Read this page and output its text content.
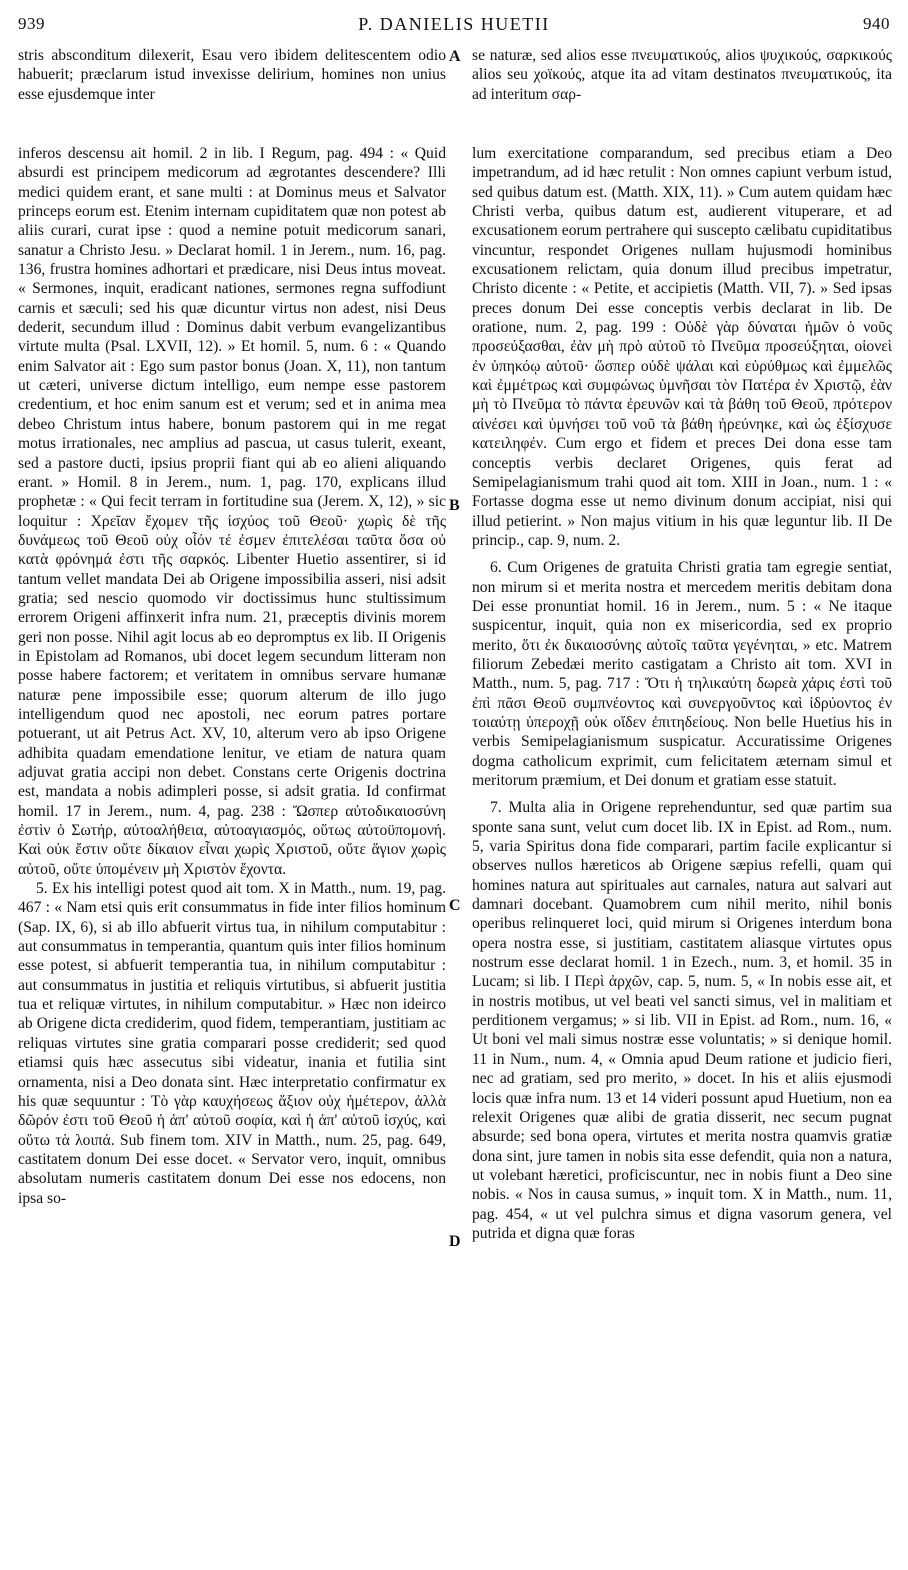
939	P. DANIELIS HUETII	940
A
B
C
D

stris absconditum dilexerit, Esau vero ibidem delitescentem odio habuerit; præclarum istud invexisse delirium, homines non unius esse ejusdemque inter

se naturæ, sed alios esse πνευματικούς, alios ψυχικούς, σαρκικούς alios seu χοϊκούς, atque ita ad vitam destinatos πνευματικούς, ita ad interitum σαρ-

inferos descensu ait homil. 2 in lib. I Regum, pag. 494 : « Quid absurdi est principem medicorum ad ægrotantes descendere? Illi medici quidem erant, et sane multi : at Dominus meus et Salvator princeps eorum est. Etenim internam cupiditatem quæ non potest ab aliis curari, curat ipse : quod a nemine potuit medicorum sanari, sanatur a Christo Jesu. » Declarat homil. 1 in Jerem., num. 16, pag. 136, frustra homines adhortari et prædicare, nisi Deus intus moveat. « Sermones, inquit, eradicant nationes, sermones regna suffodiunt carnis et sæculi; sed his quæ dicuntur virtus non adest, nisi Deus dederit, secundum illud : Dominus dabit verbum evangelizantibus virtute multa (Psal. LXVII, 12). » Et homil. 5, num. 6 : « Quando enim Salvator ait : Ego sum pastor bonus (Joan. X, 11), non tantum ut cæteri, universe dictum intelligo, eum nempe esse pastorem credentium, et hoc enim sanum est et verum; sed et in anima mea debeo Christum intus habere, bonum pastorem qui in me regat motus irrationales, nec amplius ad pascua, ut casus tulerit, exeant, sed a pastore ducti, ipsius proprii fiant qui ab eo alieni aliquando erant. » Homil. 8 in Jerem., num. 1, pag. 170, explicans illud prophetæ : « Qui fecit terram in fortitudine sua (Jerem. X, 12), » sic loquitur : Χρεῖαν ἔχομεν τῆς ἰσχύος τοῦ Θεοῦ· χωρὶς δὲ τῆς δυνάμεως τοῦ Θεοῦ οὐχ οἷόν τέ ἐσμεν ἐπιτελέσαι ταῦτα ὅσα οὐ κατὰ φρόνημά ἐστι τῆς σαρκός. Libenter Huetio assentirer, si id tantum vellet mandata Dei ab Origene impossibilia asseri, nisi adsit gratia; sed nescio quomodo vir doctissimus hunc stultissimum errorem Origeni affinxerit infra num. 21, præceptis divinis morem geri non posse. Nihil agit locus ab eo depromptus ex lib. II Origenis in Epistolam ad Romanos, ubi docet legem secundum litteram non posse habere factorem; et veritatem in omnibus servare humanæ naturæ pene impossibile esse; quorum alterum de illo jugo intelligendum quod nec apostoli, nec eorum patres portare potuerant, ut ait Petrus Act. XV, 10, alterum vero ab ipso Origene adhibita quadam emendatione lenitur, ve etiam de natura quam adjuvat gratia accipi non debet. Constans certe Origenis doctrina est, mandata a nobis adimpleri posse, si adsit gratia. Id confirmat homil. 17 in Jerem., num. 4, pag. 238 : Ὥσπερ αὐτοδικαιοσύνη ἐστὶν ὁ Σωτήρ, αὐτοαλήθεια, αὐτοαγιασμός, οὕτως αὐτοϋπομονή. Καὶ οὐκ ἔστιν οὔτε δίκαιον εἶναι χωρὶς Χριστοῦ, οὔτε ἅγιον χωρὶς αὐτοῦ, οὔτε ὑπομένειν μὴ Χριστὸν ἔχοντα.

5. Ex his intelligi potest quod ait tom. X in Matth., num. 19, pag. 467 : « Nam etsi quis erit consummatus in fide inter filios hominum (Sap. IX, 6), si ab illo abfuerit virtus tua, in nihilum computabitur : aut consummatus in temperantia, quantum quis inter filios hominum esse potest, si abfuerit temperantia tua, in nihilum computabitur : aut consummatus in justitia et reliquis virtutibus, si abfuerit justitia tua et reliquæ virtutes, in nihilum computabitur. » Hæc non ideirco ab Origene dicta crediderim, quod fidem, temperantiam, justitiam ac reliquas virtutes sine gratia comparari posse crediderit; sed quod etiamsi quis hæc assecutus sibi videatur, inania et futilia sint ornamenta, nisi a Deo donata sint. Hæc interpretatio confirmatur ex his quæ sequuntur : Τὸ γὰρ καυχήσεως ἄξιον οὐχ ἡμέτερον, ἀλλὰ δῶρόν ἐστι τοῦ Θεοῦ ἡ ἀπ' αὐτοῦ σοφία, καὶ ἡ ἀπ' αὐτοῦ ἰσχύς, καὶ οὕτω τὰ λοιπά. Sub finem tom. XIV in Matth., num. 25, pag. 649, castitatem donum Dei esse docet. « Servator vero, inquit, omnibus absolutam numeris castitatem donum Dei esse nos edocens, non ipsa so-

lum exercitatione comparandum, sed precibus etiam a Deo impetrandum, ad id hæc retulit : Non omnes capiunt verbum istud, sed quibus datum est. (Matth. XIX, 11). » Cum autem quidam hæc Christi verba, quibus datum est, audierent vituperare, et ad excusationem eorum pertrahere qui suscepto cælibatu cupiditatibus vincuntur, respondet Origenes nullam hujusmodi hominibus excusationem relictam, quia donum illud precibus impetratur, Christo dicente : « Petite, et accipietis (Matth. VII, 7). » Sed ipsas preces donum Dei esse conceptis verbis declarat in lib. De oratione, num. 2, pag. 199 : Οὐδὲ γὰρ δύναται ἡμῶν ὁ νοῦς προσεύξασθαι, ἐὰν μὴ πρὸ αὐτοῦ τὸ Πνεῦμα προσεύξηται, οἱονεὶ ἐν ὑπηκόῳ αὐτοῦ· ὥσπερ οὐδὲ ψάλαι καὶ εὐρύθμως καὶ ἐμμελῶς καὶ ἐμμέτρως καὶ συμφώνως ὑμνῆσαι τὸν Πατέρα ἐν Χριστῷ, ἐὰν μὴ τὸ Πνεῦμα τὸ πάντα ἐρευνῶν καὶ τὰ βάθη τοῦ Θεοῦ, πρότερον αἰνέσει καὶ ὑμνήσει τοῦ νοῦ τὰ βάθη ἠρεύνηκε, καὶ ὡς ἐξίσχυσε κατειληφέν. Cum ergo et fidem et preces Dei dona esse tam conceptis verbis declaret Origenes, quis ferat ad Semipelagianismum trahi quod ait tom. XIII in Joan., num. 1 : « Fortasse dogma esse ut nemo divinum donum accipiat, nisi qui illud petierint. » Non majus vitium in his quæ leguntur lib. II De princip., cap. 9, num. 2.

6. Cum Origenes de gratuita Christi gratia tam egregie sentiat, non mirum si et merita nostra et mercedem meritis debitam dona Dei esse pronuntiat homil. 16 in Jerem., num. 5 : « Ne itaque suspicentur, inquit, quia non ex misericordia, sed ex proprio merito, ὅτι ἐκ δικαιοσύνης αὐτοῖς ταῦτα γεγένηται, » etc. Matrem filiorum Zebedæi merito castigatam a Christo ait tom. XVI in Matth., num. 5, pag. 717 : Ὅτι ἡ τηλικαύτη δωρεὰ χάρις ἐστὶ τοῦ ἐπὶ πᾶσι Θεοῦ συμπνέοντος καὶ συνεργοῦντος καὶ ἱδρύοντος ἐν τοιαύτῃ ὑπεροχῇ οὐκ οἴδεν ἐπιτηδείους. Non belle Huetius his in verbis Semipelagianismum suspicatur. Accuratissime Origenes dogma catholicum exprimit, cum felicitatem æternam simul et meritorum præmium, et Dei donum et gratiam esse statuit.

7. Multa alia in Origene reprehenduntur, sed quæ partim sua sponte sana sunt, velut cum docet lib. IX in Epist. ad Rom., num. 5, varia Spiritus dona fide comparari, partim facile explicantur si observes nullos hæreticos ab Origene sæpius refelli, quam qui homines natura aut spirituales aut carnales, natura aut salvari aut damnari docebant. Quamobrem cum nihil merito, nihil bonis operibus relinqueret loci, quid mirum si Origenes interdum bona opera nostra esse, si justitiam, castitatem aliasque virtutes opus nostrum esse declarat homil. 1 in Ezech., num. 3, et homil. 35 in Lucam; si lib. I Περὶ ἀρχῶν, cap. 5, num. 5, « In nobis esse ait, et in nostris motibus, ut vel beati vel sancti simus, vel in malitiam et perditionem vergamus; » si lib. VII in Epist. ad Rom., num. 16, « Ut boni vel mali simus nostræ esse voluntatis; » si denique homil. 11 in Num., num. 4, « Omnia apud Deum ratione et judicio fieri, nec ad gratiam, sed pro merito, » docet. In his et aliis ejusmodi locis quæ infra num. 13 et 14 videri possunt apud Huetium, non ea relexit Origenes quæ alibi de gratia disserit, nec secum pugnat absurde; sed bona opera, virtutes et merita nostra quamvis gratiæ dona sint, jure tamen in nobis sita esse defendit, quia non a natura, ut volebant hæretici, proficiscuntur, nec in nobis fiunt a Deo sine nobis. « Nos in causa sumus, » inquit tom. X in Matth., num. 11, pag. 454, « ut vel pulchra simus et digna vasorum genera, vel putrida et digna quæ foras
